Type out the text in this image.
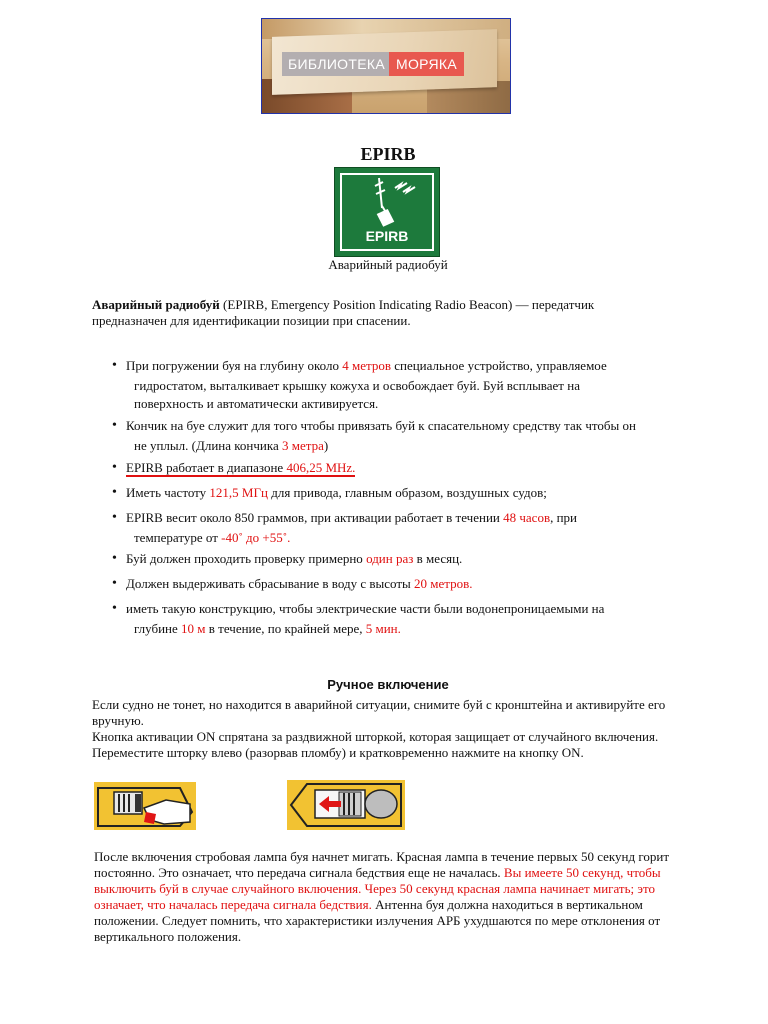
БИБЛИОТЕКА МОРЯКА
EPIRB
EPIRB
Аварийный радиобуй
Аварийный радиобуй (EPIRB, Emergency Position Indicating Radio Beacon) — передатчик предназначен для идентификации позиции при спасении.
• При погружении буя на глубину около 4 метров специальное устройство, управляемое
гидростатом, выталкивает крышку кожуха и освобождает буй. Буй всплывает на
поверхность и автоматически активируется.
• Кончик на буе служит для того чтобы привязать буй к спасательному средству так чтобы он
не уплыл. (Длина кончика 3 метра)
• EPIRB работает в диапазоне 406,25 MHz.
• Иметь частоту 121,5 МГц для привода, главным образом, воздушных судов;
• EPIRB весит около 850 граммов, при активации работает в течении 48 часов, при
температуре от -40˚ до +55˚.
• Буй должен проходить проверку примерно один раз в месяц.
• Должен выдерживать сбрасывание в воду с высоты 20 метров.
• иметь такую конструкцию, чтобы электрические части были водонепроницаемыми на
глубине 10 м в течение, по крайней мере, 5 мин.
Ручное включение
Если судно не тонет, но находится в аварийной ситуации, снимите буй с кронштейна и активируйте его вручную.
Кнопка активации ON спрятана за раздвижной шторкой, которая защищает от случайного включения. Переместите шторку влево (разорвав пломбу) и кратковременно нажмите на кнопку ON.
После включения стробовая лампа буя начнет мигать. Красная лампа в течение первых 50 секунд горит постоянно. Это означает, что передача сигнала бедствия еще не началась. Вы имеете 50 секунд, чтобы выключить буй в случае случайного включения. Через 50 секунд красная лампа начинает мигать; это означает, что началась передача сигнала бедствия. Антенна буя должна находиться в вертикальном положении. Следует помнить, что характеристики излучения АРБ ухудшаются по мере отклонения от вертикального положения.
